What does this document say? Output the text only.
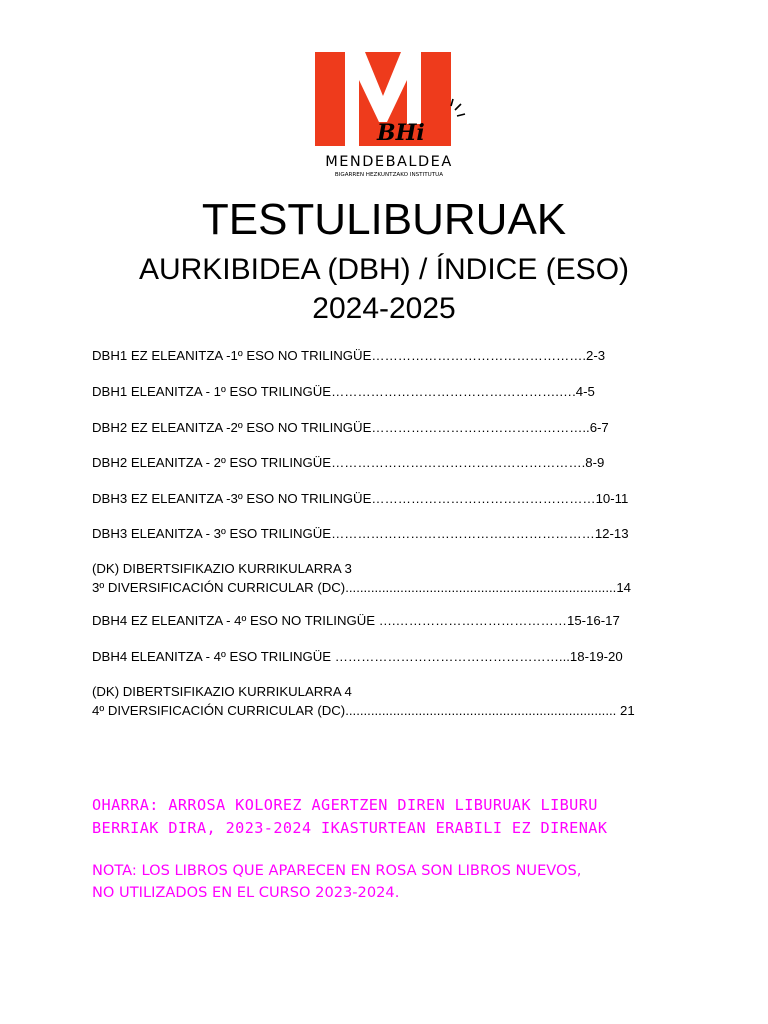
BHi
MENDEBALDEA
BIGARREN HEZKUNTZAKO INSTITUTUA
TESTULIBURUAK
AURKIBIDEA (DBH) / ÍNDICE (ESO)
2024-2025
DBH1 EZ ELEANITZA -1º ESO NO TRILINGÜE………………………………………….2-3
DBH1 ELEANITZA - 1º ESO TRILINGÜE…………………………………………….….4-5
DBH2 EZ ELEANITZA -2º ESO NO TRILINGÜE…………………………………………..6-7
DBH2 ELEANITZA - 2º ESO TRILINGÜE………………………………………………….8-9
DBH3 EZ ELEANITZA -3º ESO NO TRILINGÜE……………………………………………10-11
DBH3 ELEANITZA - 3º ESO TRILINGÜE……………………………………………………12-13
(DK) DIBERTSIFIKAZIO KURRIKULARRA 3
3º DIVERSIFICACIÓN CURRICULAR (DC)..........................................................................14
DBH4 EZ ELEANITZA - 4º ESO NO TRILINGÜE ….…………………………………15-16-17
DBH4 ELEANITZA - 4º ESO TRILINGÜE ……………………………………………...18-19-20
(DK) DIBERTSIFIKAZIO KURRIKULARRA 4
4º DIVERSIFICACIÓN CURRICULAR (DC).......................................................................... 21
OHARRA: ARROSA KOLOREZ AGERTZEN DIREN LIBURUAK LIBURU
BERRIAK DIRA, 2023-2024 IKASTURTEAN ERABILI EZ DIRENAK
NOTA: LOS LIBROS QUE APARECEN EN ROSA SON LIBROS NUEVOS,
NO UTILIZADOS EN EL CURSO 2023-2024.
